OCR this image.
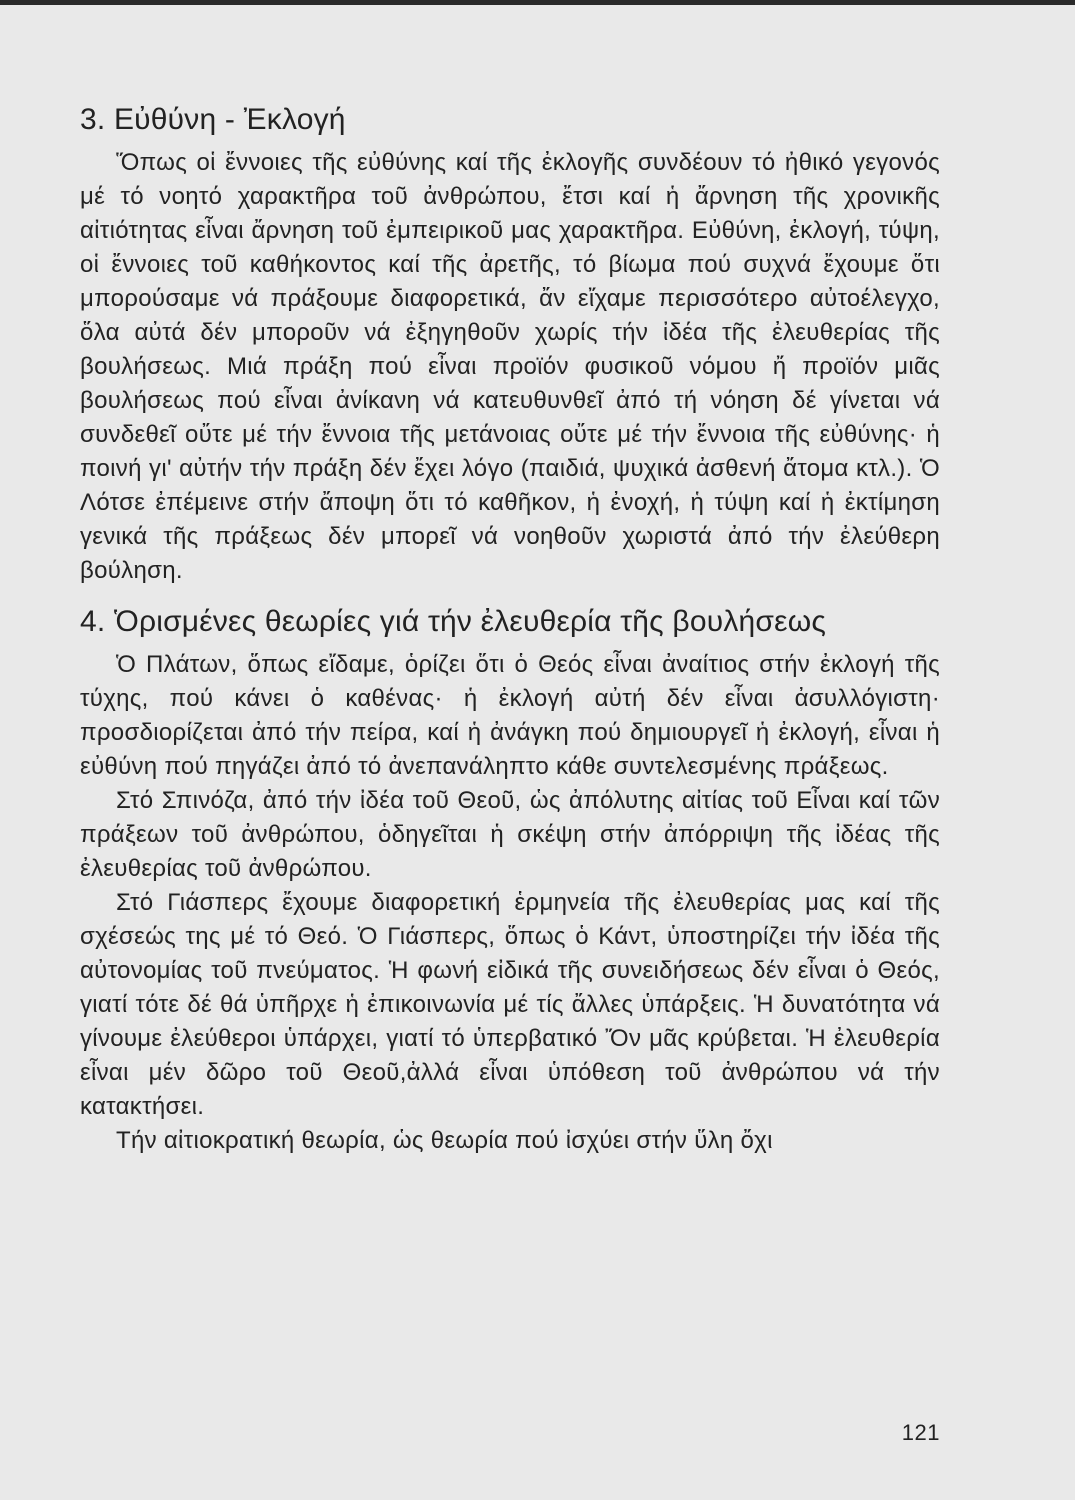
3. Εὐθύνη - Ἐκλογή

Ὅπως οἱ ἔννοιες τῆς εὐθύνης καί τῆς ἐκλογῆς συνδέουν τό ἠθικό γεγονός μέ τό νοητό χαρακτῆρα τοῦ ἀνθρώπου, ἔτσι καί ἡ ἄρνηση τῆς χρονικῆς αἰτιότητας εἶναι ἄρνηση τοῦ ἐμπειρικοῦ μας χαρακτῆρα. Εὐθύνη, ἐκλογή, τύψη, οἱ ἔννοιες τοῦ καθήκοντος καί τῆς ἀρετῆς, τό βίωμα πού συχνά ἔχουμε ὅτι μπορούσαμε νά πράξουμε διαφορετικά, ἄν εἴχαμε περισσότερο αὐτοέλεγχο, ὅλα αὐτά δέν μποροῦν νά ἐξηγηθοῦν χωρίς τήν ἰδέα τῆς ἐλευθερίας τῆς βουλήσεως. Μιά πράξη πού εἶναι προϊόν φυσικοῦ νόμου ἤ προϊόν μιᾶς βουλήσεως πού εἶναι ἀνίκανη νά κατευθυνθεῖ ἀπό τή νόηση δέ γίνεται νά συνδεθεῖ οὔτε μέ τήν ἔννοια τῆς μετάνοιας οὔτε μέ τήν ἔννοια τῆς εὐθύνης· ἡ ποινή γι' αὐτήν τήν πράξη δέν ἔχει λόγο (παιδιά, ψυχικά ἀσθενή ἄτομα κτλ.). Ὁ Λότσε ἐπέμεινε στήν ἄποψη ὅτι τό καθῆκον, ἡ ἐνοχή, ἡ τύψη καί ἡ ἐκτίμηση γενικά τῆς πράξεως δέν μπορεῖ νά νοηθοῦν χωριστά ἀπό τήν ἐλεύθερη βούληση.

4. Ὁρισμένες θεωρίες γιά τήν ἐλευθερία τῆς βουλήσεως

Ὁ Πλάτων, ὅπως εἴδαμε, ὁρίζει ὅτι ὁ Θεός εἶναι ἀναίτιος στήν ἐκλογή τῆς τύχης, πού κάνει ὁ καθένας· ἡ ἐκλογή αὐτή δέν εἶναι ἀσυλλόγιστη· προσδιορίζεται ἀπό τήν πείρα, καί ἡ ἀνάγκη πού δημιουργεῖ ἡ ἐκλογή, εἶναι ἡ εὐθύνη πού πηγάζει ἀπό τό ἀνεπανάληπτο κάθε συντελεσμένης πράξεως.

Στό Σπινόζα, ἀπό τήν ἰδέα τοῦ Θεοῦ, ὡς ἀπόλυτης αἰτίας τοῦ Εἶναι καί τῶν πράξεων τοῦ ἀνθρώπου, ὁδηγεῖται ἡ σκέψη στήν ἀπόρριψη τῆς ἰδέας τῆς ἐλευθερίας τοῦ ἀνθρώπου.

Στό Γιάσπερς ἔχουμε διαφορετική ἑρμηνεία τῆς ἐλευθερίας μας καί τῆς σχέσεώς της μέ τό Θεό. Ὁ Γιάσπερς, ὅπως ὁ Κάντ, ὑποστηρίζει τήν ἰδέα τῆς αὐτονομίας τοῦ πνεύματος. Ἡ φωνή εἰδικά τῆς συνειδήσεως δέν εἶναι ὁ Θεός, γιατί τότε δέ θά ὑπῆρχε ἡ ἐπικοινωνία μέ τίς ἄλλες ὑπάρξεις. Ἡ δυνατότητα νά γίνουμε ἐλεύθεροι ὑπάρχει, γιατί τό ὑπερβατικό Ὄν μᾶς κρύβεται. Ἡ ἐλευθερία εἶναι μέν δῶρο τοῦ Θεοῦ,ἀλλά εἶναι ὑπόθεση τοῦ ἀνθρώπου νά τήν κατακτήσει.

Τήν αἰτιοκρατική θεωρία, ὡς θεωρία πού ἰσχύει στήν ὕλη ὄχι

121
